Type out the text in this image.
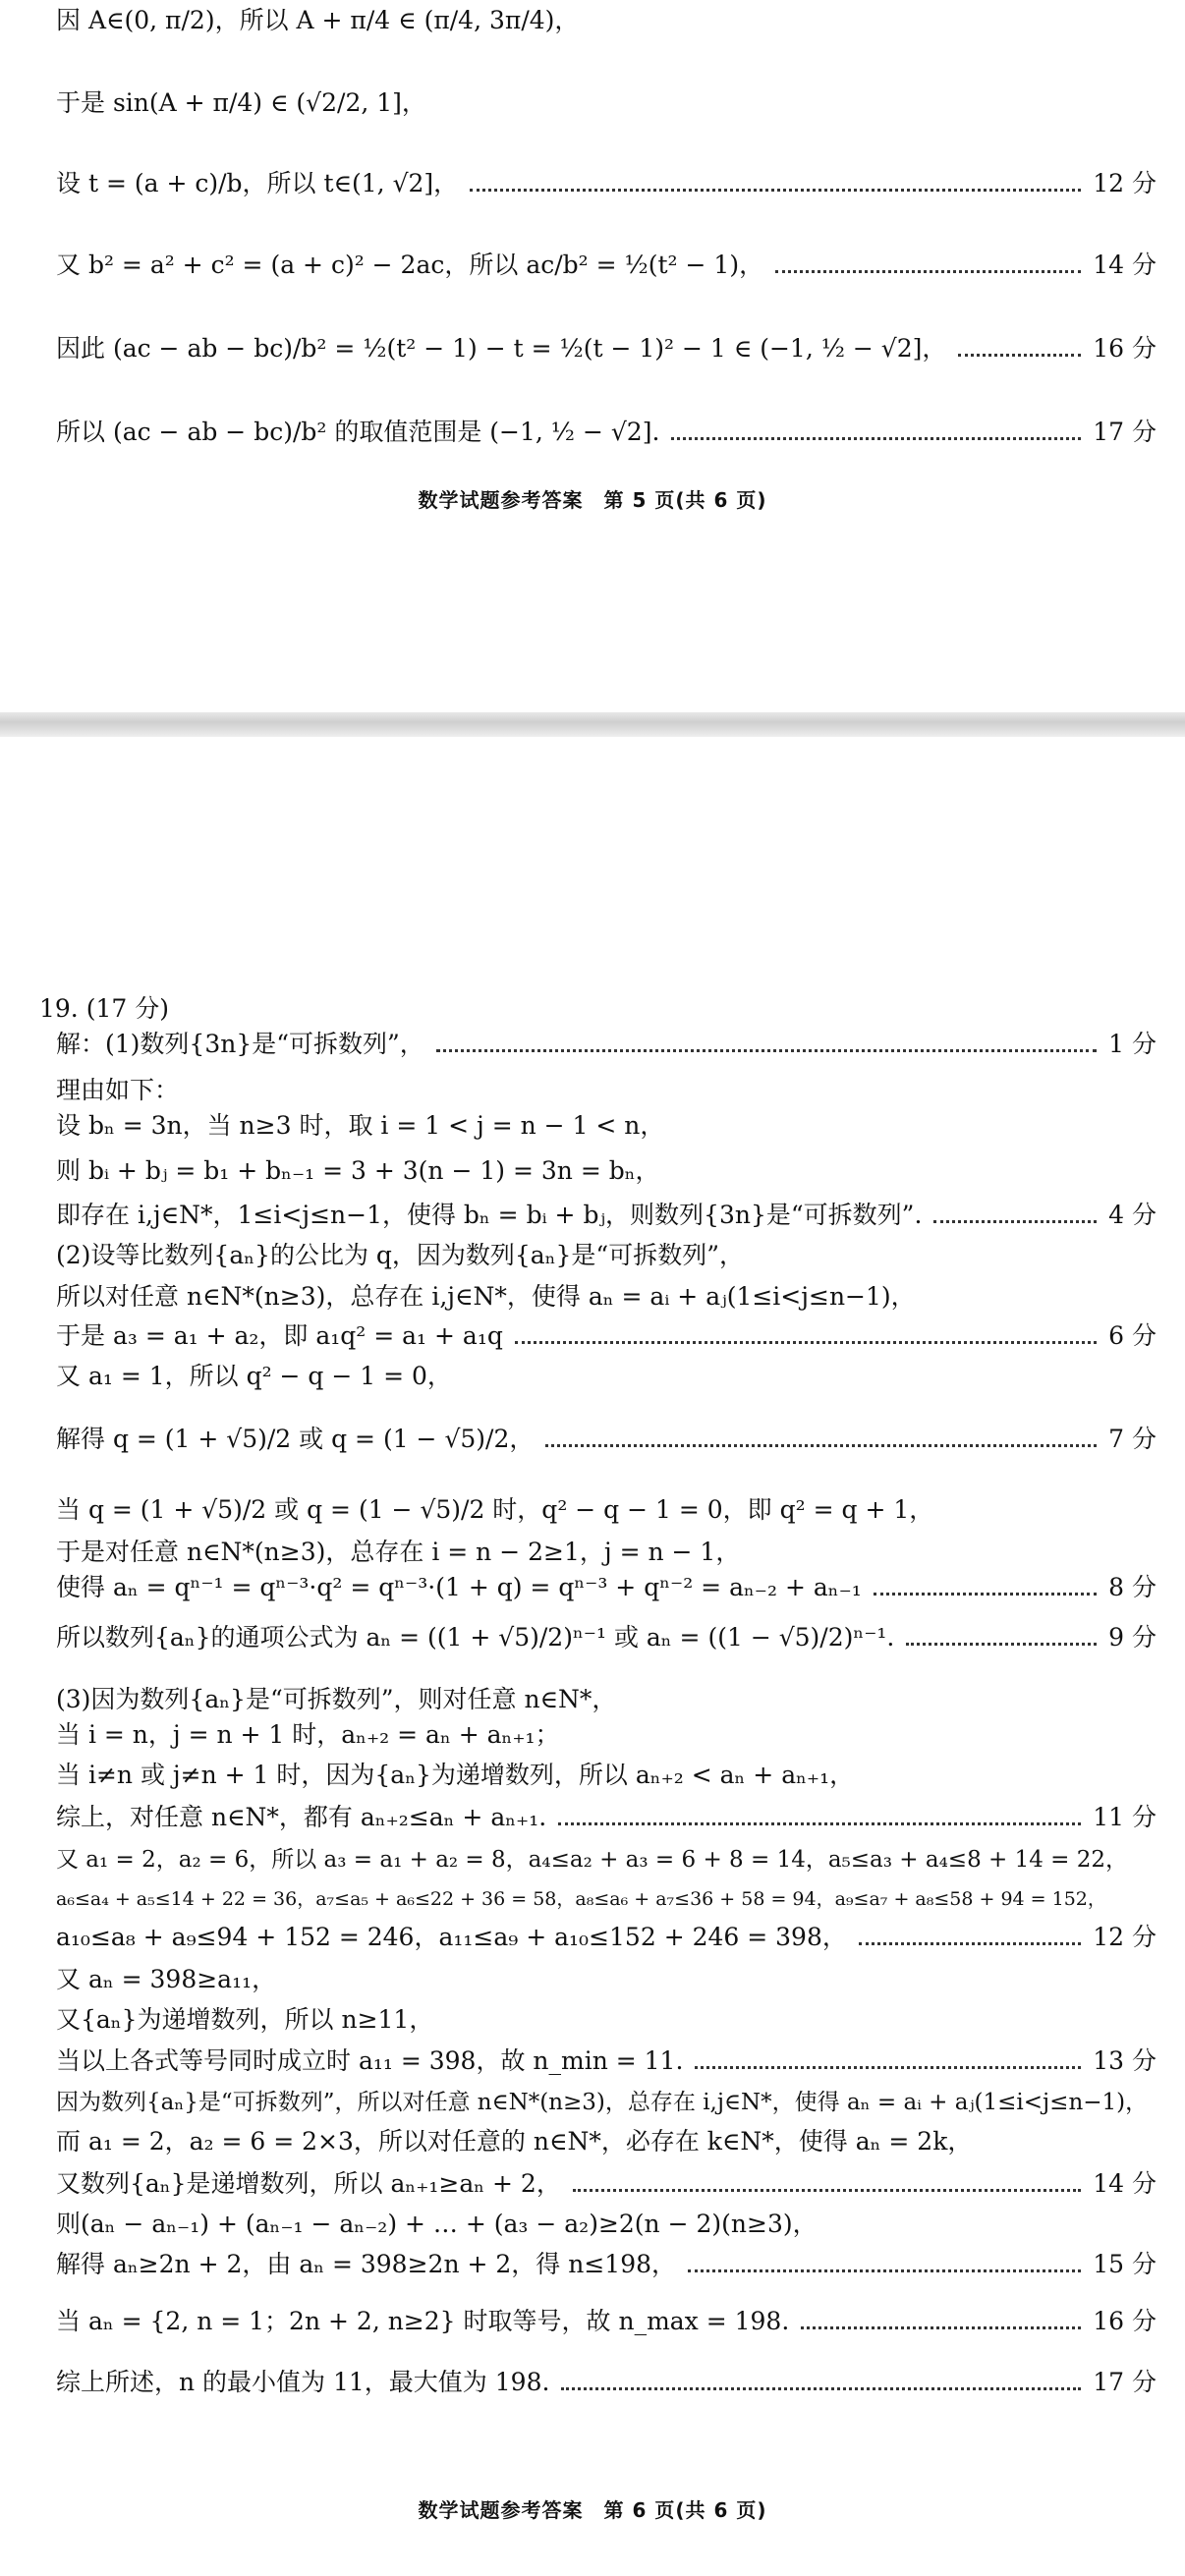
因 A∈(0, π/2)，所以 A + π/4 ∈ (π/4, 3π/4)，
于是 sin(A + π/4) ∈ (√2/2, 1]，
设 t = (a + c)/b，所以 t∈(1, √2]，	12 分
又 b² = a² + c² = (a + c)² − 2ac，所以 ac/b² = ½(t² − 1)，	14 分
因此 (ac − ab − bc)/b² = ½(t² − 1) − t = ½(t − 1)² − 1 ∈ (−1, ½ − √2]，	16 分
所以 (ac − ab − bc)/b² 的取值范围是 (−1, ½ − √2].	17 分
数学试题参考答案　第 5 页(共 6 页)
19. (17 分)
解：(1)数列{3n}是“可拆数列”，	1 分
理由如下：
设 bₙ = 3n，当 n≥3 时，取 i = 1 < j = n − 1 < n，
则 bᵢ + bⱼ = b₁ + bₙ₋₁ = 3 + 3(n − 1) = 3n = bₙ，
即存在 i,j∈N*，1≤i<j≤n−1，使得 bₙ = bᵢ + bⱼ，则数列{3n}是“可拆数列”.	4 分
(2)设等比数列{aₙ}的公比为 q，因为数列{aₙ}是“可拆数列”，
所以对任意 n∈N*(n≥3)，总存在 i,j∈N*，使得 aₙ = aᵢ + aⱼ(1≤i<j≤n−1)，
于是 a₃ = a₁ + a₂，即 a₁q² = a₁ + a₁q	6 分
又 a₁ = 1，所以 q² − q − 1 = 0，
解得 q = (1 + √5)/2 或 q = (1 − √5)/2，	7 分
当 q = (1 + √5)/2 或 q = (1 − √5)/2 时，q² − q − 1 = 0，即 q² = q + 1，
于是对任意 n∈N*(n≥3)，总存在 i = n − 2≥1，j = n − 1，
使得 aₙ = qⁿ⁻¹ = qⁿ⁻³·q² = qⁿ⁻³·(1 + q) = qⁿ⁻³ + qⁿ⁻² = aₙ₋₂ + aₙ₋₁	8 分
所以数列{aₙ}的通项公式为 aₙ = ((1 + √5)/2)ⁿ⁻¹ 或 aₙ = ((1 − √5)/2)ⁿ⁻¹.	9 分
(3)因为数列{aₙ}是“可拆数列”，则对任意 n∈N*，
当 i = n，j = n + 1 时，aₙ₊₂ = aₙ + aₙ₊₁；
当 i≠n 或 j≠n + 1 时，因为{aₙ}为递增数列，所以 aₙ₊₂ < aₙ + aₙ₊₁，
综上，对任意 n∈N*，都有 aₙ₊₂≤aₙ + aₙ₊₁.	11 分
又 a₁ = 2，a₂ = 6，所以 a₃ = a₁ + a₂ = 8，a₄≤a₂ + a₃ = 6 + 8 = 14，a₅≤a₃ + a₄≤8 + 14 = 22，
a₆≤a₄ + a₅≤14 + 22 = 36，a₇≤a₅ + a₆≤22 + 36 = 58，a₈≤a₆ + a₇≤36 + 58 = 94，a₉≤a₇ + a₈≤58 + 94 = 152，
a₁₀≤a₈ + a₉≤94 + 152 = 246，a₁₁≤a₉ + a₁₀≤152 + 246 = 398，	12 分
又 aₙ = 398≥a₁₁，
又{aₙ}为递增数列，所以 n≥11，
当以上各式等号同时成立时 a₁₁ = 398，故 n_min = 11.	13 分
因为数列{aₙ}是“可拆数列”，所以对任意 n∈N*(n≥3)，总存在 i,j∈N*，使得 aₙ = aᵢ + aⱼ(1≤i<j≤n−1)，
而 a₁ = 2，a₂ = 6 = 2×3，所以对任意的 n∈N*，必存在 k∈N*，使得 aₙ = 2k，
又数列{aₙ}是递增数列，所以 aₙ₊₁≥aₙ + 2，	14 分
则(aₙ − aₙ₋₁) + (aₙ₋₁ − aₙ₋₂) + … + (a₃ − a₂)≥2(n − 2)(n≥3)，
解得 aₙ≥2n + 2，由 aₙ = 398≥2n + 2，得 n≤198，	15 分
当 aₙ = {2, n = 1；2n + 2, n≥2} 时取等号，故 n_max = 198.	16 分
综上所述，n 的最小值为 11，最大值为 198.	17 分
数学试题参考答案　第 6 页(共 6 页)
